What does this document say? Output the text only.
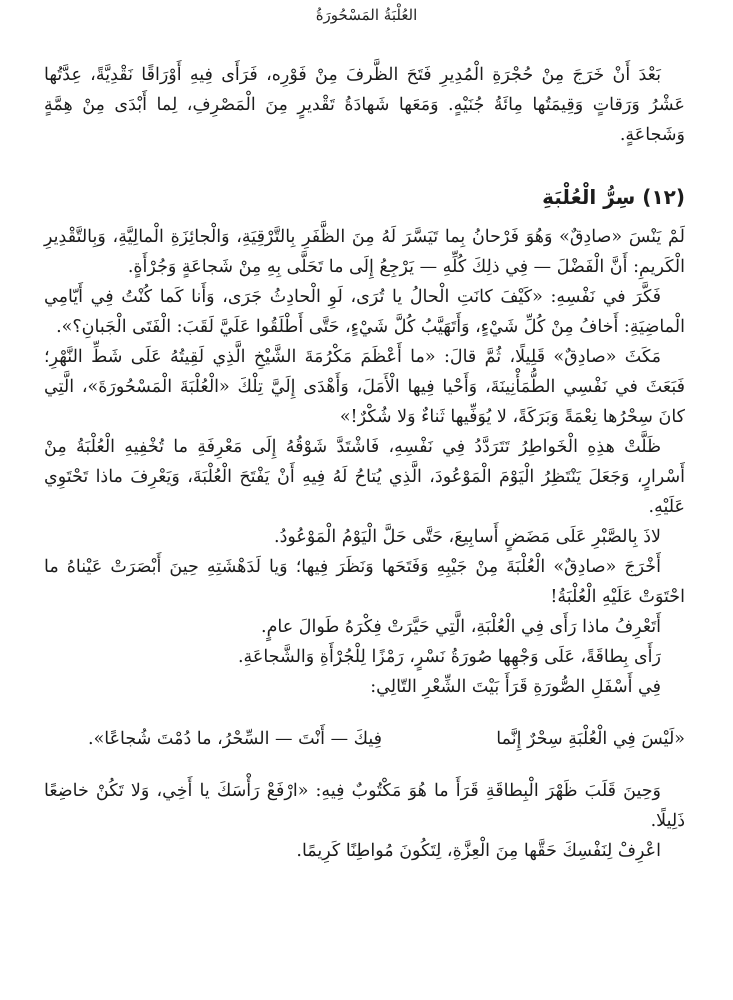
العُلْبَةُ المَسْحُورَةُ

بَعْدَ أَنْ خَرَجَ مِنْ حُجْرَةِ الْمُدِيرِ فَتَحَ الظَّرفَ مِنْ فَوْرِه، فَرَأَى فِيهِ أَوْرَاقًا نَقْدِيَّةً، عِدَّتُها عَشْرُ وَرَقاتٍ وَقِيمَتُها مِائَةُ جُنَيْهٍ. وَمَعَها شَهادَةُ تَقْديرٍ مِنَ الْمَصْرِفِ، لِما أَبْدَى مِنْ هِمَّةٍ وَشَجاعَةٍ.

(١٢) سِرُّ الْعُلْبَةِ

لَمْ يَنْسَ «صادِقٌ» وَهُوَ فَرْحانُ بِما تَيَسَّرَ لَهُ مِنَ الظَّفَرِ بِالتَّرْقِيَةِ، وَالْجائِزَةِ الْمالِيَّةِ، وَبِالتَّقْدِيرِ الْكَريمِ: أَنَّ الْفَضْلَ — فِي ذلِكَ كُلِّهِ — يَرْجِعُ إِلَى ما تَحَلَّى بِهِ مِنْ شَجاعَةٍ وَجُرْأَةٍ.

فَكَّرَ في نَفْسِهِ: «كَيْفَ كانَتِ الْحالُ يا تُرَى، لَوِ الْحادِثُ جَرَى، وَأَنا كَما كُنْتُ فِي أَيّامِي الْماضِيَةِ: أَخافُ مِنْ كُلِّ شَيْءٍ، وَأَتَهَيَّبُ كُلَّ شَيْءٍ، حَتَّى أَطْلَقُوا عَلَيَّ لَقَبَ: الْفَتَى الْجَبانِ؟».

مَكَثَ «صادِقٌ» قَلِيلًا، ثُمَّ قالَ: «ما أَعْظَمَ مَكْرُمَةَ الشَّيْخِ الَّذِي لَقِيتُهُ عَلَى شَطِّ النَّهْرِ؛ فَبَعَثَ في نَفْسِي الطُّمَأْنِينَةَ، وَأَحْيا فِيها الْأَمَلَ، وَأَهْدَى إِلَيَّ تِلْكَ «الْعُلْبَةَ الْمَسْحُورَةَ»، الَّتِي كانَ سِحْرُها نِعْمَةً وَبَرَكَةً، لا يُوَفِّيها ثَناءٌ وَلا شُكْرٌ!»

ظَلَّتْ هذِهِ الْخَواطِرُ تَتَرَدَّدُ فِي نَفْسِهِ، فَاشْتَدَّ شَوْقُهُ إِلَى مَعْرِفَةِ ما تُخْفِيهِ الْعُلْبَةُ مِنْ أَسْرارٍ، وَجَعَلَ يَنْتَظِرُ الْيَوْمَ الْمَوْعُودَ، الَّذِي يُتاحُ لَهُ فِيهِ أَنْ يَفْتَحَ الْعُلْبَةَ، وَيَعْرِفَ ماذا تَحْتَوِي عَلَيْهِ.

لاذَ بِالصَّبْرِ عَلَى مَضَضٍ أَسابِيعَ، حَتَّى حَلَّ الْيَوْمُ الْمَوْعُودُ.

أَخْرَجَ «صادِقٌ» الْعُلْبَةَ مِنْ جَيْبِهِ وَفَتَحَها وَنَظَرَ فِيها؛ وَيا لَدَهْشَتِهِ حِينَ أَبْصَرَتْ عَيْناهُ ما احْتَوَتْ عَلَيْهِ الْعُلْبَةُ!

أَتَعْرِفُ ماذا رَأَى فِي الْعُلْبَةِ، الَّتِي حَيَّرَتْ فِكْرَهُ طَوالَ عامٍ.

رَأَى بِطاقَةً، عَلَى وَجْهِها صُورَةُ نَسْرٍ، رَمْزًا لِلْجُرْأَةِ وَالشَّجاعَةِ.

فِي أَسْفَلِ الصُّورَةِ قَرَأَ بَيْتَ الشِّعْرِ التّالِي:

«لَيْسَ فِي الْعُلْبَةِ سِحْرٌ إِنَّما
فِيكَ — أَنْتَ — السِّحْرُ، ما دُمْتَ شُجاعًا».

وَحِينَ قَلَبَ ظَهْرَ الْبِطاقَةِ قَرَأَ ما هُوَ مَكْتُوبٌ فِيهِ: «ارْفَعْ رَأْسَكَ يا أَخِي، وَلا تَكُنْ خاضِعًا ذَلِيلًا.

اعْرِفْ لِنَفْسِكَ حَقَّها مِنَ الْعِزَّةِ، لِتَكُونَ مُواطِنًا كَرِيمًا.
